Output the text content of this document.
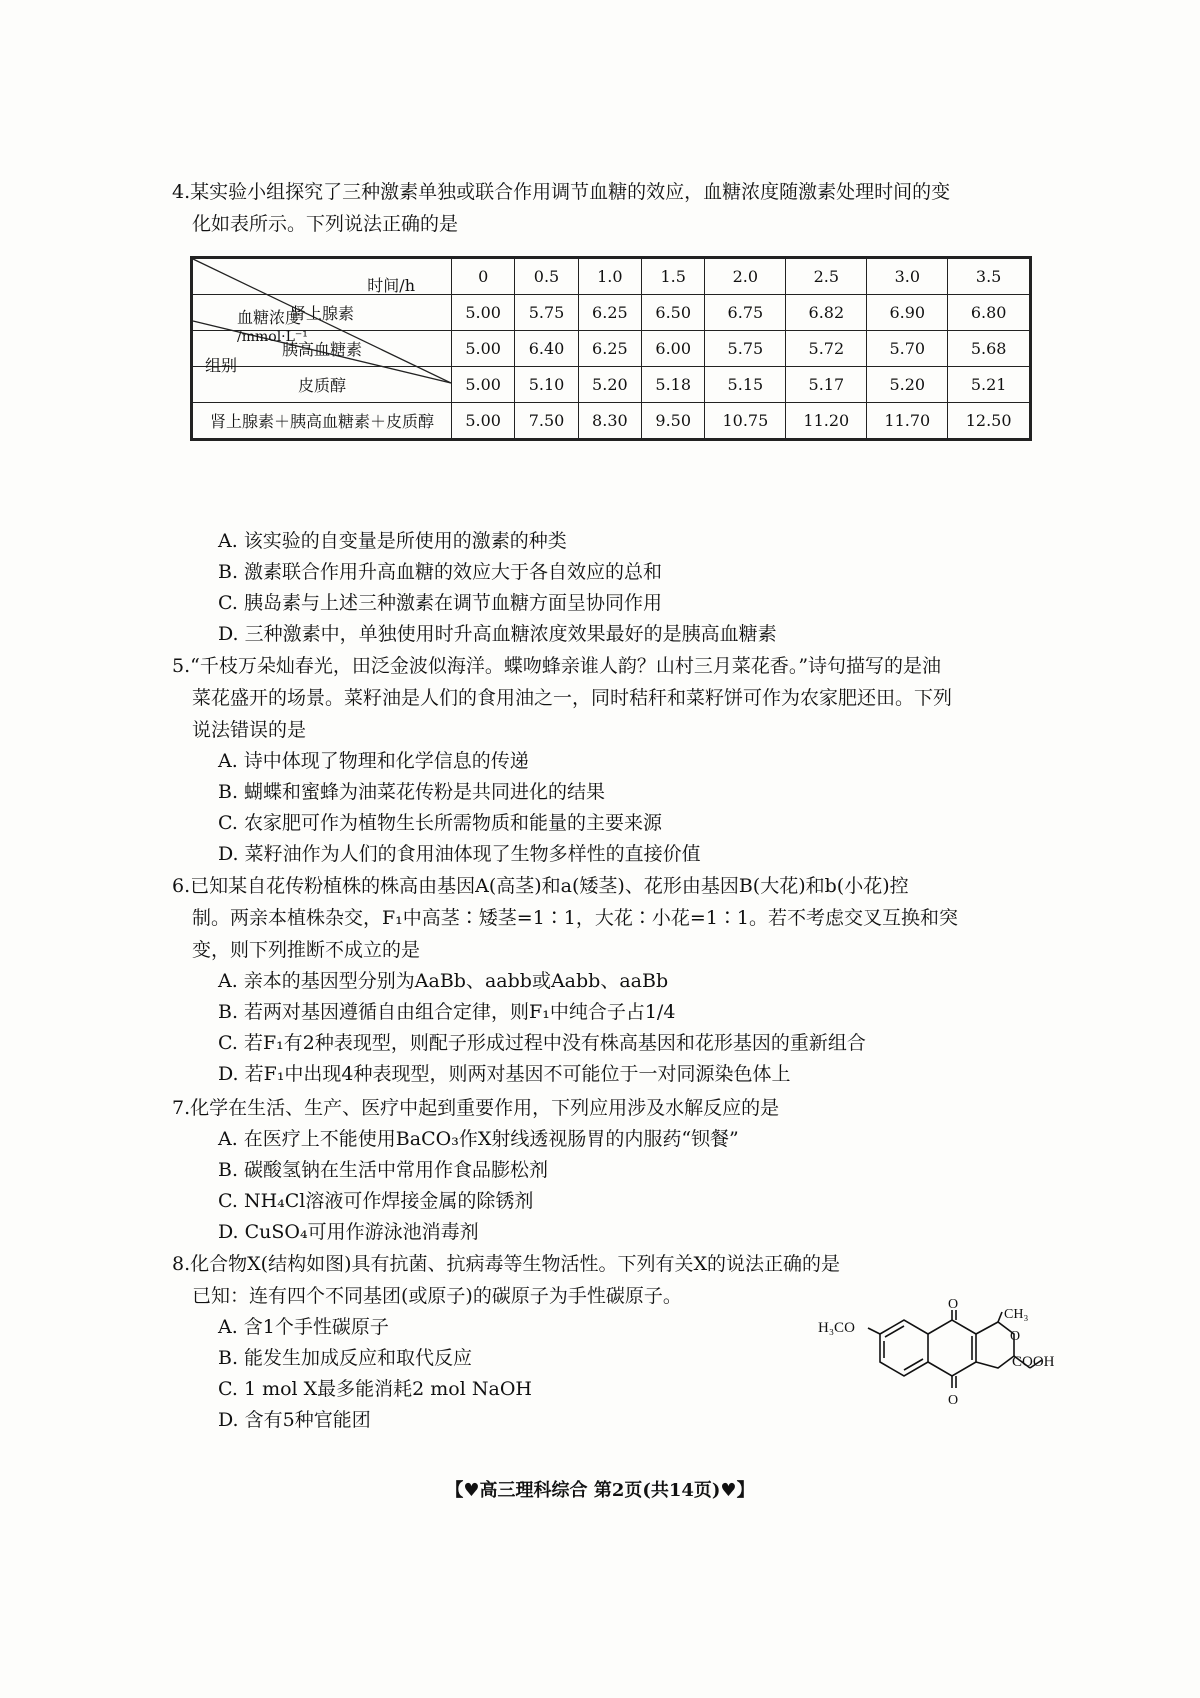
4.某实验小组探究了三种激素单独或联合作用调节血糖的效应，血糖浓度随激素处理时间的变

化如表所示。下列说法正确的是

时间/h
血糖浓度
/mmol·L⁻¹
组别	0	0.5	1.0	1.5	2.0	2.5	3.0	3.5
肾上腺素	5.00	5.75	6.25	6.50	6.75	6.82	6.90	6.80
胰高血糖素	5.00	6.40	6.25	6.00	5.75	5.72	5.70	5.68
皮质醇	5.00	5.10	5.20	5.18	5.15	5.17	5.20	5.21
肾上腺素＋胰高血糖素＋皮质醇	5.00	7.50	8.30	9.50	10.75	11.20	11.70	12.50
A. 该实验的自变量是所使用的激素的种类
B. 激素联合作用升高血糖的效应大于各自效应的总和
C. 胰岛素与上述三种激素在调节血糖方面呈协同作用
D. 三种激素中，单独使用时升高血糖浓度效果最好的是胰高血糖素

5.“千枝万朵灿春光，田泛金波似海洋。蝶吻蜂亲谁人韵？山村三月菜花香。”诗句描写的是油

菜花盛开的场景。菜籽油是人们的食用油之一，同时秸秆和菜籽饼可作为农家肥还田。下列

说法错误的是

A. 诗中体现了物理和化学信息的传递
B. 蝴蝶和蜜蜂为油菜花传粉是共同进化的结果
C. 农家肥可作为植物生长所需物质和能量的主要来源
D. 菜籽油作为人们的食用油体现了生物多样性的直接价值

6.已知某自花传粉植株的株高由基因A(高茎)和a(矮茎)、花形由基因B(大花)和b(小花)控

制。两亲本植株杂交，F₁中高茎∶矮茎=1∶1，大花∶小花=1∶1。若不考虑交叉互换和突

变，则下列推断不成立的是

A. 亲本的基因型分别为AaBb、aabb或Aabb、aaBb
B. 若两对基因遵循自由组合定律，则F₁中纯合子占1/4
C. 若F₁有2种表现型，则配子形成过程中没有株高基因和花形基因的重新组合
D. 若F₁中出现4种表现型，则两对基因不可能位于一对同源染色体上

7.化学在生活、生产、医疗中起到重要作用，下列应用涉及水解反应的是

A. 在医疗上不能使用BaCO₃作X射线透视肠胃的内服药“钡餐”
B. 碳酸氢钠在生活中常用作食品膨松剂
C. NH₄Cl溶液可作焊接金属的除锈剂
D. CuSO₄可用作游泳池消毒剂

8.化合物X(结构如图)具有抗菌、抗病毒等生物活性。下列有关X的说法正确的是

已知：连有四个不同基团(或原子)的碳原子为手性碳原子。

A. 含1个手性碳原子
B. 能发生加成反应和取代反应
C. 1 mol X最多能消耗2 mol NaOH
D. 含有5种官能团
H₃CO
CH₃
O
COOH
O
O
【♥高三理科综合 第2页(共14页)♥】
